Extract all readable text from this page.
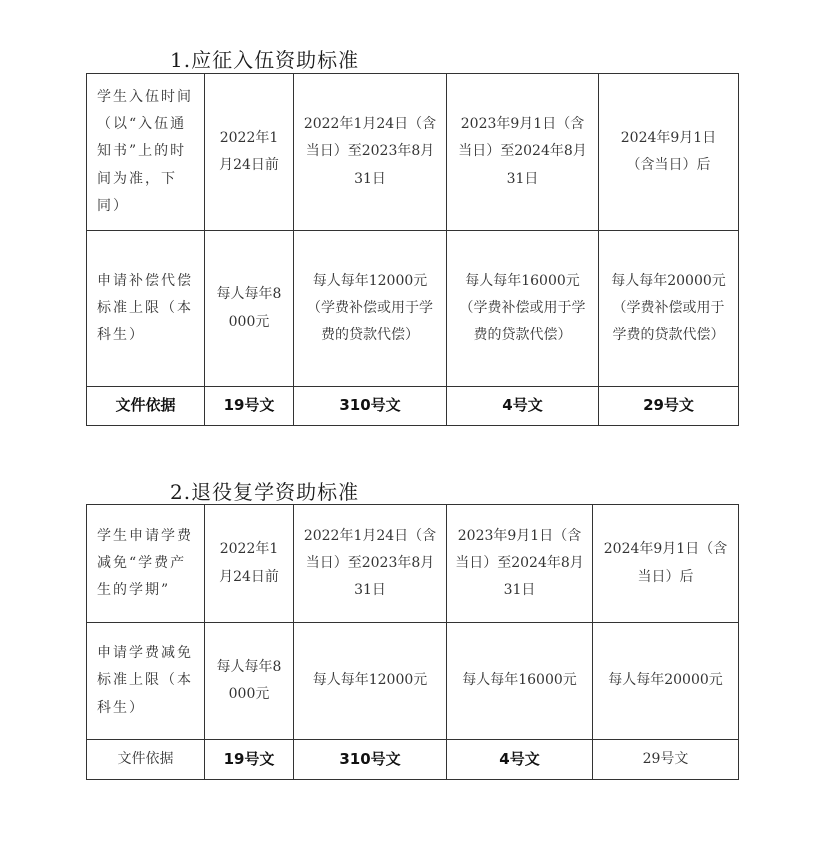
1.应征入伍资助标准
学生入伍时间（以“入伍通知书”上的时间为准，下同）	2022年1月24日前	2022年1月24日（含当日）至2023年8月31日	2023年9月1日（含当日）至2024年8月31日	2024年9月1日（含当日）后
申请补偿代偿标准上限（本科生）	每人每年8000元	每人每年12000元（学费补偿或用于学费的贷款代偿）	每人每年16000元（学费补偿或用于学费的贷款代偿）	每人每年20000元（学费补偿或用于学费的贷款代偿）
文件依据	19号文	310号文	4号文	29号文
2.退役复学资助标准
学生申请学费减免“学费产生的学期”	2022年1月24日前	2022年1月24日（含当日）至2023年8月31日	2023年9月1日（含当日）至2024年8月31日	2024年9月1日（含当日）后
申请学费减免标准上限（本科生）	每人每年8000元	每人每年12000元	每人每年16000元	每人每年20000元
文件依据	19号文	310号文	4号文	29号文
